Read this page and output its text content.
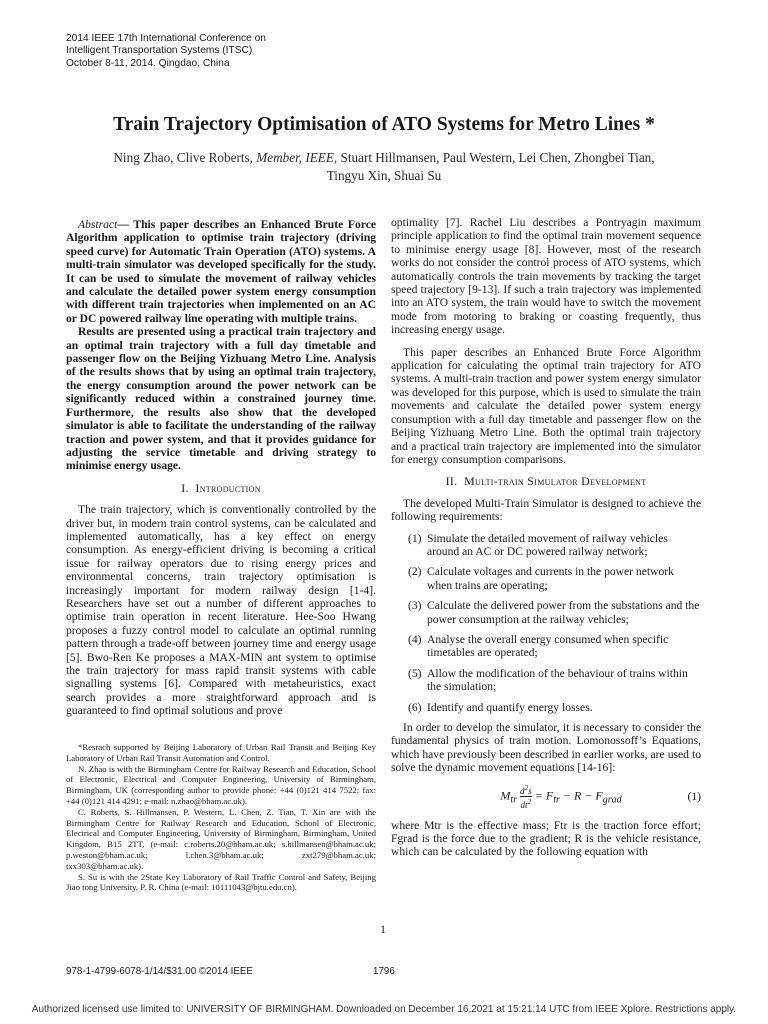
2014 IEEE 17th International Conference on
Intelligent Transportation Systems (ITSC)
October 8-11, 2014. Qingdao, China
Train Trajectory Optimisation of ATO Systems for Metro Lines *
Ning Zhao, Clive Roberts, Member, IEEE, Stuart Hillmansen, Paul Western, Lei Chen, Zhongbei Tian,
Tingyu Xin, Shuai Su

Abstract— This paper describes an Enhanced Brute Force Algorithm application to optimise train trajectory (driving speed curve) for Automatic Train Operation (ATO) systems. A multi-train simulator was developed specifically for the study. It can be used to simulate the movement of railway vehicles and calculate the detailed power system energy consumption with different train trajectories when implemented on an AC or DC powered railway line operating with multiple trains.

Results are presented using a practical train trajectory and an optimal train trajectory with a full day timetable and passenger flow on the Beijing Yizhuang Metro Line. Analysis of the results shows that by using an optimal train trajectory, the energy consumption around the power network can be significantly reduced within a constrained journey time. Furthermore, the results also show that the developed simulator is able to facilitate the understanding of the railway traction and power system, and that it provides guidance for adjusting the service timetable and driving strategy to minimise energy usage.

I. Introduction

The train trajectory, which is conventionally controlled by the driver but, in modern train control systems, can be calculated and implemented automatically, has a key effect on energy consumption. As energy-efficient driving is becoming a critical issue for railway operators due to rising energy prices and environmental concerns, train trajectory optimisation is increasingly important for modern railway design [1-4]. Researchers have set out a number of different approaches to optimise train operation in recent literature. Hee-Soo Hwang proposes a fuzzy control model to calculate an optimal running pattern through a trade-off between journey time and energy usage [5]. Bwo-Ren Ke proposes a MAX-MIN ant system to optimise the train trajectory for mass rapid transit systems with cable signalling systems [6]. Compared with metaheuristics, exact search provides a more straightforward approach and is guaranteed to find optimal solutions and prove

*Resrach supported by Beijing Laboratory of Urban Rail Transit and Beijing Key Laboratory of Urban Rail Transit Automation and Control.

N. Zhao is with the Birmingham Centre for Railway Research and Education, School of Electronic, Electrical and Computer Engineering, University of Birmingham, Birmingham, UK (corresponding author to provide phone: +44 (0)121 414 7522; fax: +44 (0)121 414 4291; e-mail: n.zhao@bham.ac.uk).

C. Roberts, S. Hillmansen, P. Western, L. Chen, Z. Tian, T. Xin are with the Birmingham Centre for Railway Research and Education, School of Electronic, Electrical and Computer Engineering, University of Birmingham, Birmingham, United Kingdom, B15 2TT, (e-mail: c.roberts.20@bham.ac.uk; s.hillmansen@bham.ac.uk; p.weston@bham.ac.uk; l.chen.3@bham.ac.uk; zxt279@bham.ac.uk; txx303@bham.ac.uk).

S. Su is with the 2State Key Laboratory of Rail Traffic Control and Safety, Beijing Jiao tong University, P. R. China (e-mail: 10111043@bjtu.edu.cn).

optimality [7]. Rachel Liu describes a Pontryagin maximum principle application to find the optimal train movement sequence to minimise energy usage [8]. However, most of the research works do not consider the control process of ATO systems, which automatically controls the train movements by tracking the target speed trajectory [9-13]. If such a train trajectory was implemented into an ATO system, the train would have to switch the movement mode from motoring to braking or coasting frequently, thus increasing energy usage.

This paper describes an Enhanced Brute Force Algorithm application for calculating the optimal train trajectory for ATO systems. A multi-train traction and power system energy simulator was developed for this purpose, which is used to simulate the train movements and calculate the detailed power system energy consumption with a full day timetable and passenger flow on the Beijing Yizhuang Metro Line. Both the optimal train trajectory and a practical train trajectory are implemented into the simulator for energy consumption comparisons.

II. Multi-train Simulator Development

The developed Multi-Train Simulator is designed to achieve the following requirements:

(1) Simulate the detailed movement of railway vehicles around an AC or DC powered railway network;
(2) Calculate voltages and currents in the power network when trains are operating;
(3) Calculate the delivered power from the substations and the power consumption at the railway vehicles;
(4) Analyse the overall energy consumed when specific timetables are operated;
(5) Allow the modification of the behaviour of trains within the simulation;
(6) Identify and quantify energy losses.

In order to develop the simulator, it is necessary to consider the fundamental physics of train motion. Lomonossoff’s Equations, which have previously been described in earlier works, are used to solve the dynamic movement equations [14-16]:

$M_{tr} \frac{d^2s}{dt^2} = F_{tr} - R - F_{grad}$	(1)

where Mtr is the effective mass; Ftr is the traction force effort; Fgrad is the force due to the gradient; R is the vehicle resistance, which can be calculated by the following equation with

1
978-1-4799-6078-1/14/$31.00 ©2014 IEEE	1796
Authorized licensed use limited to: UNIVERSITY OF BIRMINGHAM. Downloaded on December 16,2021 at 15:21:14 UTC from IEEE Xplore. Restrictions apply.
